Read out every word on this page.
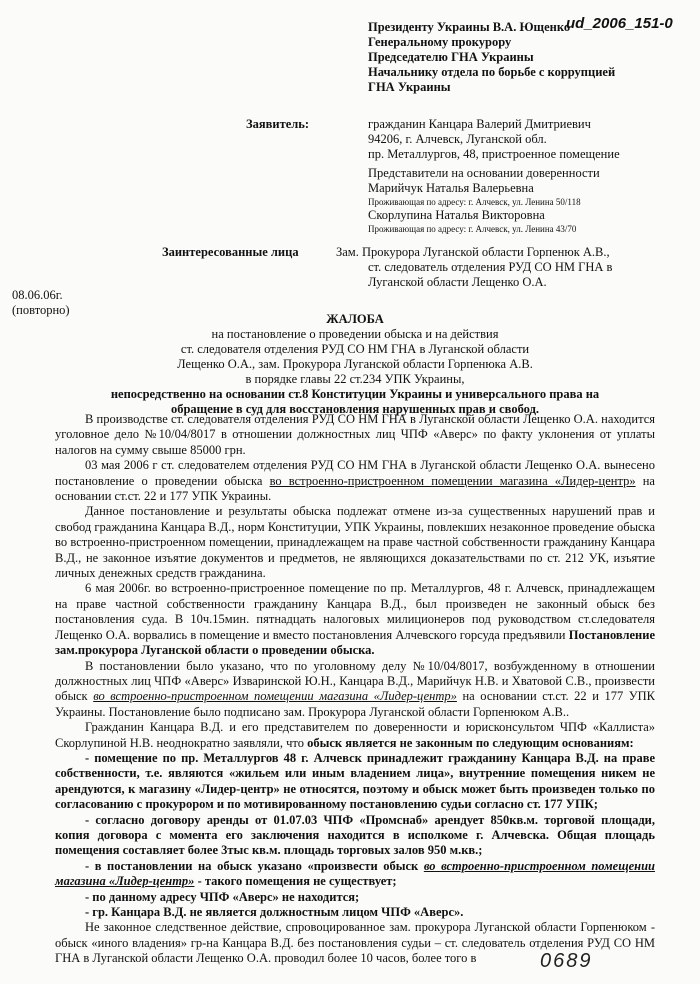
ud_2006_151-0
Президенту Украины В.А. Ющенко
Генеральному прокурору
Председателю ГНА Украины
Начальнику отдела по борьбе с коррупцией
ГНА Украины
Заявитель:	гражданин Канцара Валерий Дмитриевич
94206, г. Алчевск, Луганской обл.
пр. Металлургов, 48, пристроенное помещение
Представители на основании доверенности
Марийчук Наталья Валерьевна
Проживающая по адресу: г. Алчевск, ул. Ленина 50/118
Скорлупина Наталья Викторовна
Проживающая по адресу: г. Алчевск, ул. Ленина 43/70
Заинтересованные лица	Зам. Прокурора Луганской области Горпенюк А.В.,
ст. следователь отделения РУД СО НМ ГНА в
Луганской области Лещенко О.А.
08.06.06г.
(повторно)
ЖАЛОБА
на постановление о проведении обыска и на действия
ст. следователя отделения РУД СО НМ ГНА в Луганской области
Лещенко О.А., зам. Прокурора Луганской области Горпенюка А.В.
в порядке главы 22 ст.234 УПК Украины,
непосредственно на основании ст.8 Конституции Украины и универсального права на
обращение в суд для восстановления нарушенных прав и свобод.

В производстве ст. следователя отделения РУД СО НМ ГНА в Луганской области Лещенко О.А. находится уголовное дело №10/04/8017 в отношении должностных лиц ЧПФ «Аверс» по факту уклонения от уплаты налогов на сумму свыше 85000 грн.

03 мая 2006 г ст. следователем отделения РУД СО НМ ГНА в Луганской области Лещенко О.А. вынесено постановление о проведении обыска во встроенно-пристроенном помещении магазина «Лидер-центр» на основании ст.ст. 22 и 177 УПК Украины.

Данное постановление и результаты обыска подлежат отмене из-за существенных нарушений прав и свобод гражданина Канцара В.Д., норм Конституции, УПК Украины, повлекших незаконное проведение обыска во встроенно-пристроенном помещении, принадлежащем на праве частной собственности гражданину Канцара В.Д., не законное изъятие документов и предметов, не являющихся доказательствами по ст. 212 УК, изъятие личных денежных средств гражданина.

6 мая 2006г. во встроенно-пристроенное помещение по пр. Металлургов, 48 г. Алчевск, принадлежащем на праве частной собственности гражданину Канцара В.Д., был произведен не законный обыск без постановления суда. В 10ч.15мин. пятнадцать налоговых милиционеров под руководством ст.следователя Лещенко О.А. ворвались в помещение и вместо постановления Алчевского горсуда предъявили Постановление зам.прокурора Луганской области о проведении обыска.

В постановлении было указано, что по уголовному делу №10/04/8017, возбужденному в отношении должностных лиц ЧПФ «Аверс» Изваринской Ю.Н., Канцара В.Д., Марийчук Н.В. и Хватовой С.В., произвести обыск во встроенно-пристроенном помещении магазина «Лидер-центр» на основании ст.ст. 22 и 177 УПК Украины. Постановление было подписано зам. Прокурора Луганской области Горпенюком А.В..

Гражданин Канцара В.Д. и его представителем по доверенности и юрисконсультом ЧПФ «Каллиста» Скорлупиной Н.В. неоднократно заявляли, что обыск является не законным по следующим основаниям:

- помещение по пр. Металлургов 48 г. Алчевск принадлежит гражданину Канцара В.Д. на праве собственности, т.е. являются «жильем или иным владением лица», внутренние помещения никем не арендуются, к магазину «Лидер-центр» не относятся, поэтому и обыск может быть произведен только по согласованию с прокурором и по мотивированному постановлению судьи согласно ст. 177 УПК;

- согласно договору аренды от 01.07.03 ЧПФ «Промснаб» арендует 850кв.м. торговой площади, копия договора с момента его заключения находится в исполкоме г. Алчевска. Общая площадь помещения составляет более 3тыс кв.м. площадь торговых залов 950 м.кв.;

- в постановлении на обыск указано «произвести обыск во встроенно-пристроенном помещении магазина «Лидер-центр» - такого помещения не существует;

- по данному адресу ЧПФ «Аверс» не находится;

- гр. Канцара В.Д. не является должностным лицом ЧПФ «Аверс».

Не законное следственное действие, спровоцированное зам. прокурора Луганской области Горпенюком - обыск «иного владения» гр-на Канцара В.Д. без постановления судьи – ст. следователь отделения РУД СО НМ ГНА в Луганской области Лещенко О.А. проводил более 10 часов, более того в	0689
